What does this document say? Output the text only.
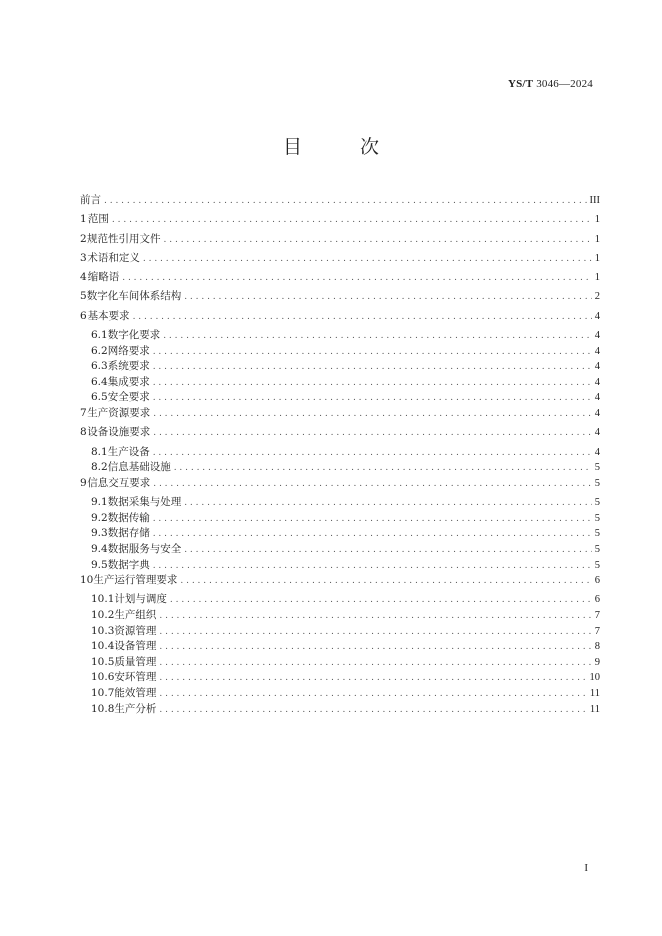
YS/T 3046—2024
目 次
前言 . . .	III
1 范围 . . .	1
2 规范性引用文件 . . .	1
3 术语和定义 . . .	1
4 缩略语 . . .	1
5 数字化车间体系结构 . . .	2
6 基本要求 . . .	4
6.1 数字化要求 . . .	4
6.2 网络要求 . . .	4
6.3 系统要求 . . .	4
6.4 集成要求 . . .	4
6.5 安全要求 . . .	4
7 生产资源要求 . . .	4
8 设备设施要求 . . .	4
8.1 生产设备 . . .	4
8.2 信息基础设施 . . .	5
9 信息交互要求 . . .	5
9.1 数据采集与处理 . . .	5
9.2 数据传输 . . .	5
9.3 数据存储 . . .	5
9.4 数据服务与安全 . . .	5
9.5 数据字典 . . .	5
10 生产运行管理要求 . . .	6
10.1 计划与调度 . . .	6
10.2 生产组织 . . .	7
10.3 资源管理 . . .	7
10.4 设备管理 . . .	8
10.5 质量管理 . . .	9
10.6 安环管理 . . .	10
10.7 能效管理 . . .	11
10.8 生产分析 . . .	11
I
